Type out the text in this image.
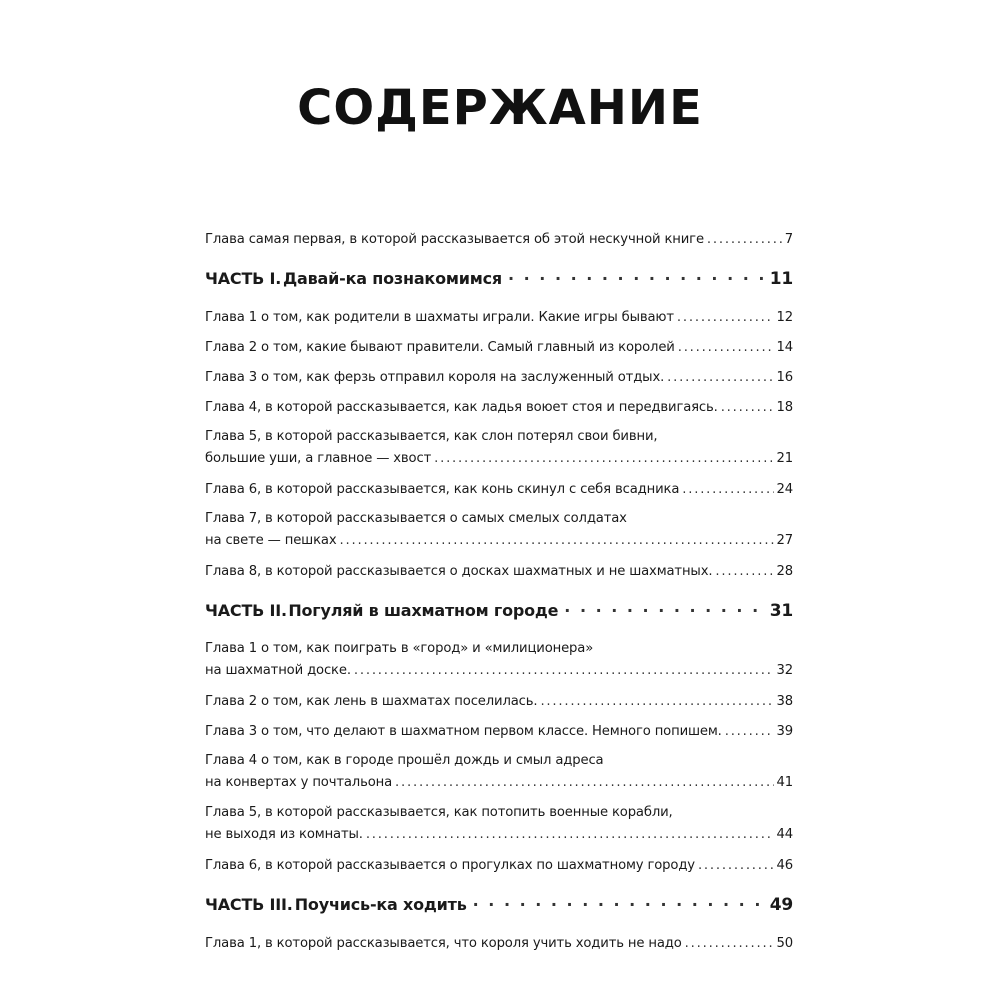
СОДЕРЖАНИЕ
Глава самая первая, в которой рассказывается об этой нескучной книге . . .	7
ЧАСТЬ I. Давай-ка познакомимся · · ·	11
Глава 1 о том, как родители в шахматы играли. Какие игры бывают . . .	12
Глава 2 о том, какие бывают правители. Самый главный из королей . . .	14
Глава 3 о том, как ферзь отправил короля на заслуженный отдых. . . .	16
Глава 4, в которой рассказывается, как ладья воюет стоя и передвигаясь. . . .	18
Глава 5, в которой рассказывается, как слон потерял свои бивни,
большие уши, а главное — хвост . . .	21
Глава 6, в которой рассказывается, как конь скинул с себя всадника . . .	24
Глава 7, в которой рассказывается о самых смелых солдатах
на свете — пешках . . .	27
Глава 8, в которой рассказывается о досках шахматных и не шахматных. . . .	28
ЧАСТЬ II. Погуляй в шахматном городе · · ·	31
Глава 1 о том, как поиграть в «город» и «милиционера»
на шахматной доске. . . .	32
Глава 2 о том, как лень в шахматах поселилась. . . .	38
Глава 3 о том, что делают в шахматном первом классе. Немного попишем. . . .	39
Глава 4 о том, как в городе прошёл дождь и смыл адреса
на конвертах у почтальона . . .	41
Глава 5, в которой рассказывается, как потопить военные корабли,
не выходя из комнаты. . . .	44
Глава 6, в которой рассказывается о прогулках по шахматному городу . . .	46
ЧАСТЬ III. Поучись-ка ходить · · ·	49
Глава 1, в которой рассказывается, что короля учить ходить не надо . . .	50
